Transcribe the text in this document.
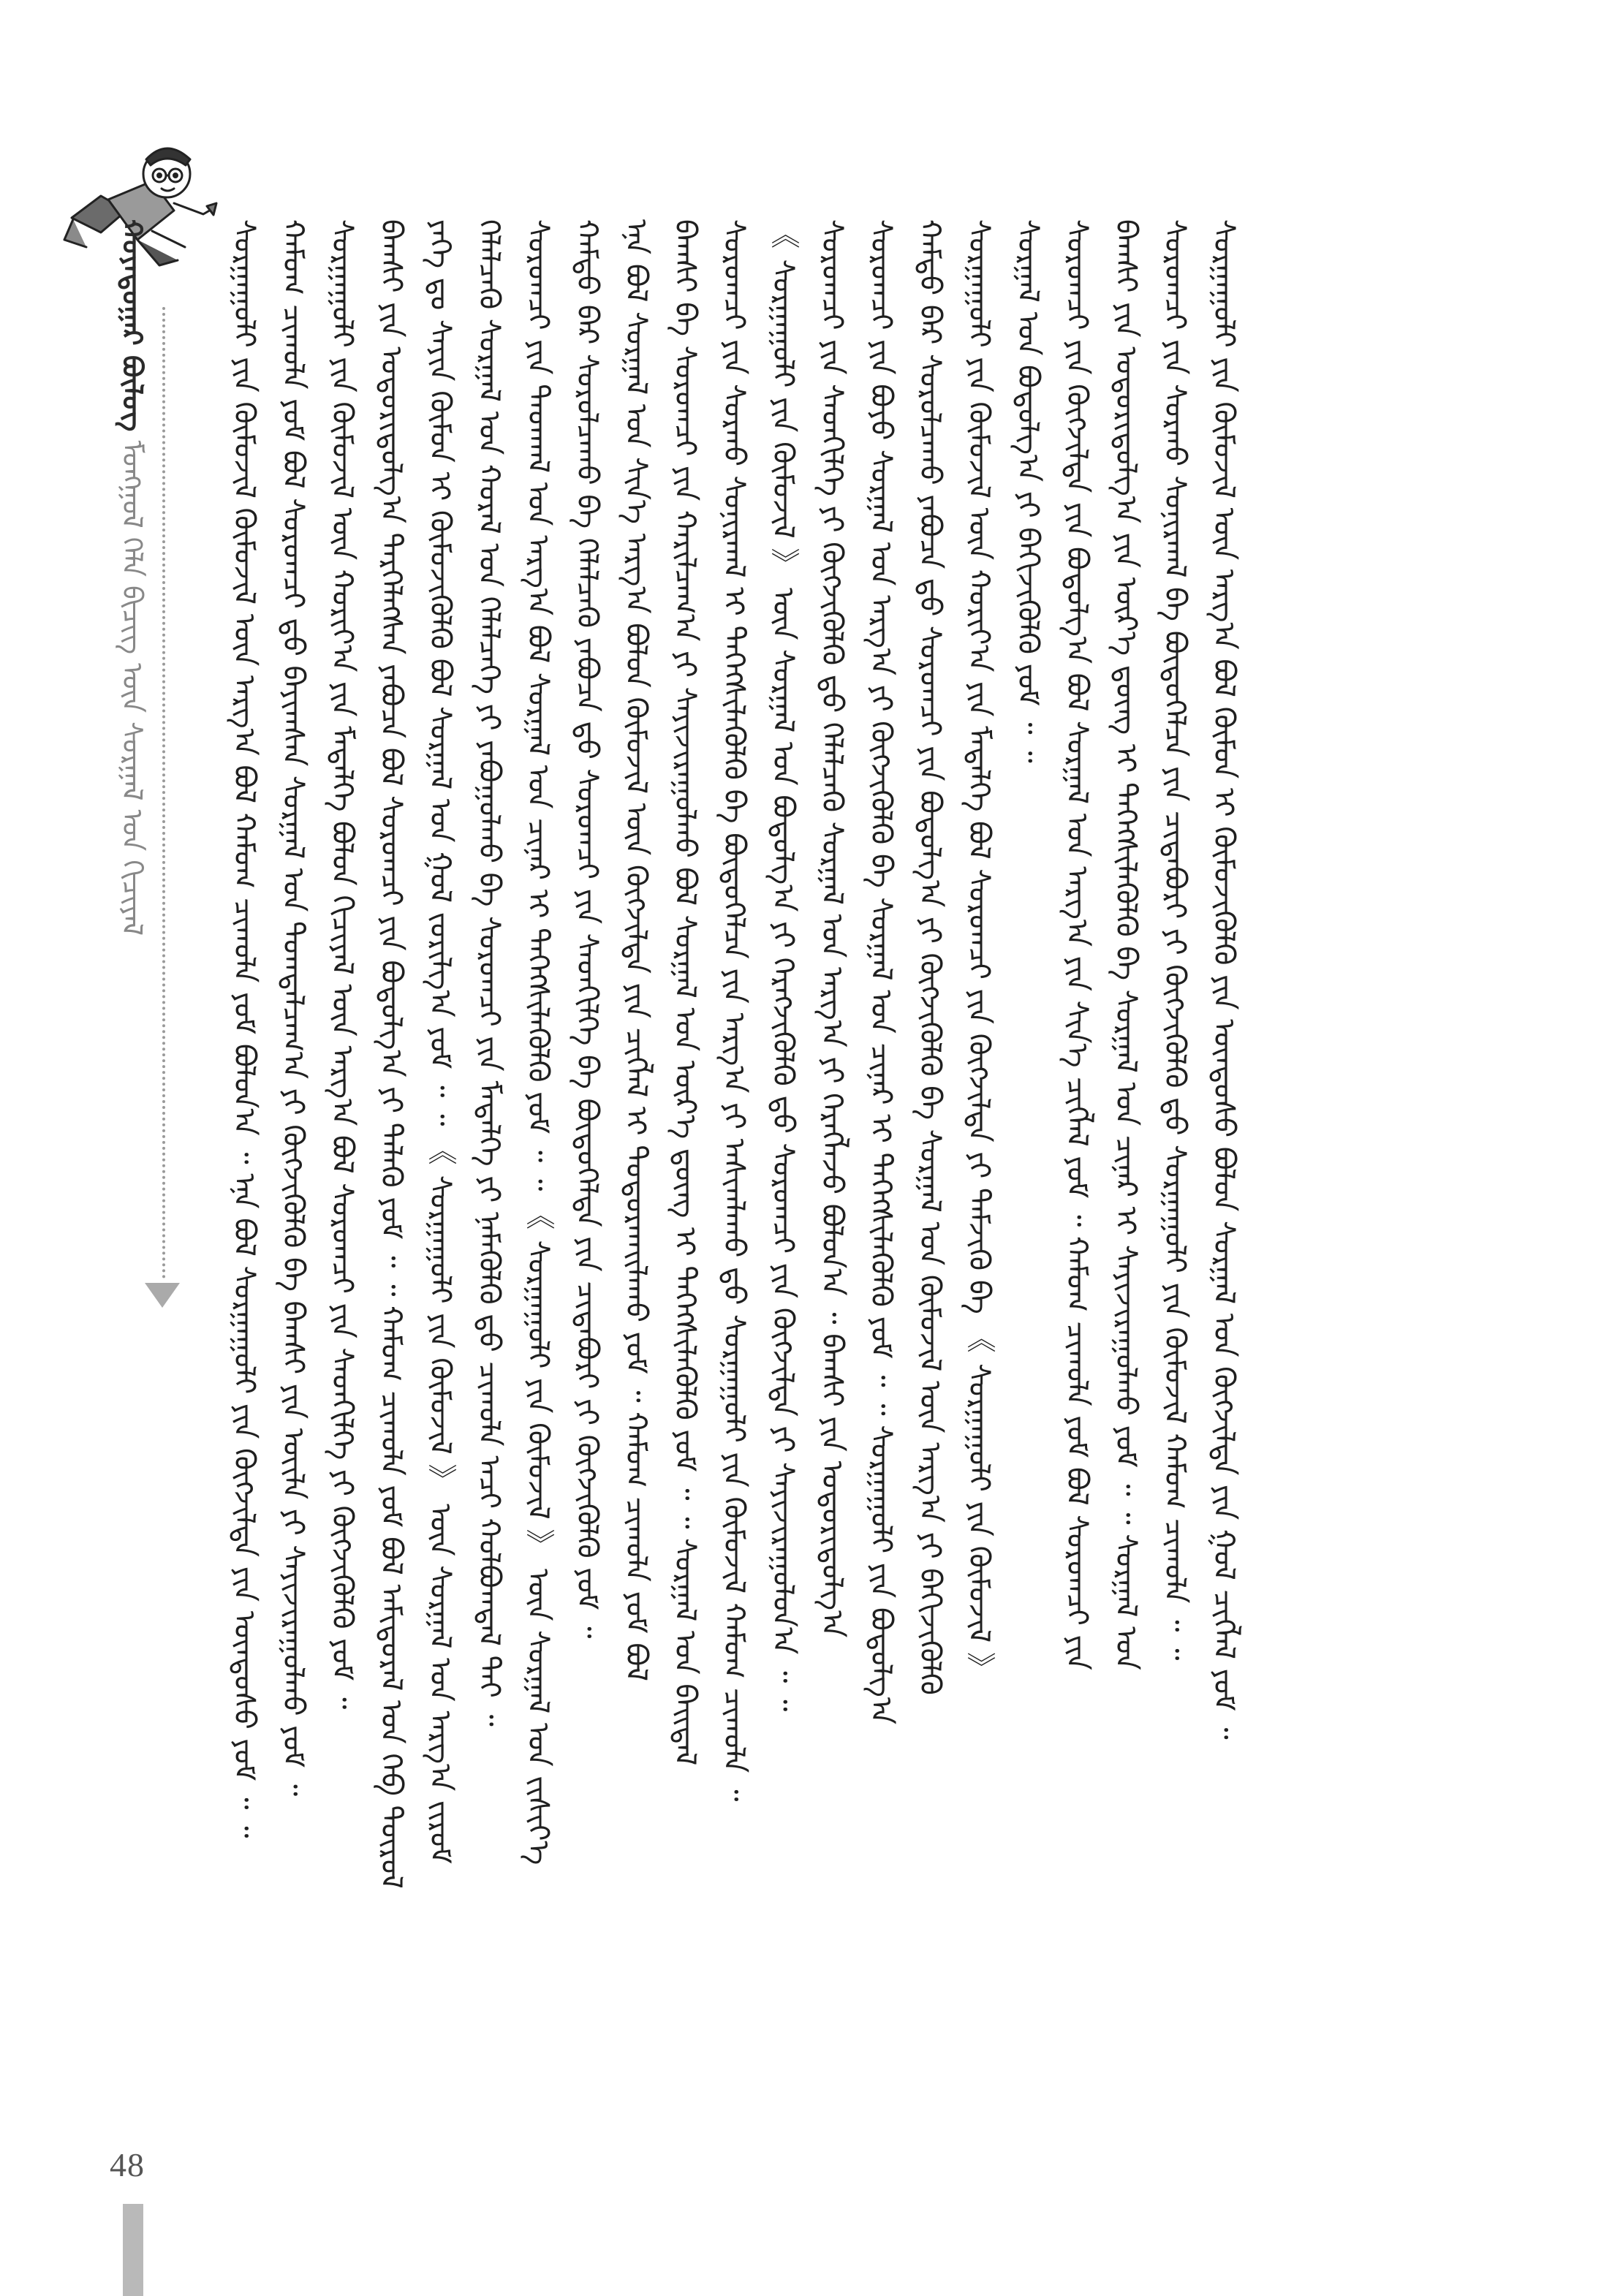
ᠬᠤᠶᠠᠳᠤᠭᠠᠷ ᠪᠦᠯᠦᠭ ᠮᠣᠩᠭᠣᠯ ᠬᠡᠯᠡ ᠪᠢᠴᠢᠭ ᠦᠨ ᠰᠤᠷᠭᠠᠯ ᠤᠨ ᠬᠢᠴᠢᠶᠡᠯ	ᠰᠤᠷᠭᠠᠭᠤᠯᠢ ᠶᠢᠨ ᠬᠦᠮᠦᠵᠢᠯ ᠬᠥᠮᠦᠵᠢᠯ ᠦᠨ ᠠᠷᠭ᠎ᠠ ᠪᠣᠯ ᠬᠠᠮᠤᠭ ᠴᠢᠬᠤᠯᠠ ᠶᠤᠮ ᠪᠣᠯᠤᠨ᠎ᠠ ᠃ ᠡᠨᠡ ᠪᠣᠯ ᠰᠤᠷᠭᠠᠭᠤᠯᠢ ᠶᠢᠨ ᠬᠥᠭᠵᠢᠯᠲᠡ ᠶᠢᠨ ᠦᠨᠳᠦᠰᠦ ᠶᠤᠮ ᠃ ᠃ ᠬᠠᠮᠤᠭ ᠴᠢᠬᠤᠯᠠ ᠶᠤᠮ ᠪᠣᠯ ᠰᠤᠷᠤᠭᠴᠢ ᠳ᠋ᠤ ᠪᠠᠶᠢᠭᠰᠠᠨ ᠰᠤᠷᠭᠠᠯ ᠤᠨ ᠲᠣᠭᠲᠠᠯᠴᠠᠭ᠎ᠠ ᠶᠢ ᠬᠥᠭᠵᠢᠭᠦᠯᠬᠦ ᠪᠠ ᠪᠠᠭᠰᠢ ᠶᠢᠨ ᠦᠢᠯᠡ ᠶᠢ ᠰᠠᠶᠢᠵᠢᠷᠠᠭᠤᠯᠬᠤ ᠶᠤᠮ ᠃ ᠰᠤᠷᠭᠠᠭᠤᠯᠢ ᠶᠢᠨ ᠬᠦᠮᠦᠵᠢᠯ ᠦᠨ ᠬᠣᠷᠢᠶ᠎ᠠ ᠶᠢᠨ ᠮᠡᠳᠡᠯᠭᠡ ᠪᠣᠯᠤᠨ ᠬᠢᠴᠢᠶᠡᠯ ᠦᠨ ᠠᠷᠭ᠎ᠠ ᠪᠣᠯ ᠰᠤᠷᠤᠭᠴᠢ ᠶᠢᠨ ᠰᠡᠳᠬᠢᠯᠭᠡ ᠶᠢ ᠬᠥᠭᠵᠢᠭᠦᠯᠬᠦ ᠶᠤᠮ ᠃ ᠪᠠᠭᠰᠢ ᠶᠢᠨ ᠤᠳᠤᠷᠢᠳᠤᠯᠭ᠎ᠠ ᠲᠡᠷᠭᠡᠯᠡᠭᠰᠡᠨ ᠶᠠᠪᠤᠴᠠ ᠪᠣᠯ ᠰᠤᠷᠤᠭᠴᠢ ᠶᠢᠨ ᠪᠣᠳᠤᠯᠭ᠎ᠠ ᠶᠢ ᠲᠡᠯᠡᠬᠦ ᠶᠤᠮ ᠃ ᠃ ᠬᠠᠮᠤᠭ ᠴᠢᠬᠤᠯᠠ ᠶᠤᠮ ᠪᠣᠯ ᠠᠮᠢᠳᠤᠷᠠᠯ ᠤᠨ ᠬᠡᠪ ᠲᠥᠷᠥᠯ ᠶᠡᠬᠡ ᠳᠤ ᠰᠠᠶᠢᠨ ᠬᠦᠮᠦᠨ ᠢ ᠬᠥᠮᠦᠵᠢᠭᠦᠯᠬᠦ ᠪᠣᠯ ᠰᠤᠷᠭᠠᠯ ᠤᠨ ᠭᠣᠯ ᠵᠣᠷᠢᠯᠭ᠎ᠠ ᠶᠤᠮ ᠃ ᠃ 《 ᠰᠤᠷᠭᠠᠭᠤᠯᠢ ᠶᠢᠨ ᠬᠦᠮᠦᠵᠢᠯ 》 ᠦᠨ ᠰᠤᠷᠭᠠᠯ ᠤᠨ ᠠᠷᠭ᠎ᠠ ᠵᠢᠷᠤᠮ ᠬᠡᠯᠡᠯᠴᠡᠬᠦ ᠰᠤᠷᠭᠠᠯ ᠤᠨ ᠬᠤᠷᠠᠯ ᠤᠨ ᠬᠡᠯᠡᠯᠴᠡᠭᠡ ᠶᠢ ᠶᠠᠪᠤᠭᠤᠯᠬᠤ ᠪᠠ ᠰᠤᠷᠤᠭᠴᠢ ᠶᠢᠨ ᠮᠡᠳᠡᠯᠭᠡ ᠶᠢ ᠨᠡᠮᠡᠭᠦᠯᠬᠦ ᠳ᠋ᠤ ᠴᠢᠬᠤᠯᠠ ᠠᠴᠢ ᠬᠣᠯᠪᠣᠭᠳᠠᠯ ᠲᠠᠢ ᠃ ᠰᠤᠷᠤᠭᠴᠢ ᠶᠢᠨ ᠳᠠᠳᠬᠠᠯ ᠤᠨ ᠠᠷᠭ᠎ᠠ ᠪᠣᠯ ᠰᠤᠷᠭᠠᠯ ᠤᠨ ᠴᠢᠨᠠᠷ ᠢ ᠳᠡᠭᠡᠭᠰᠢᠯᠡᠭᠦᠯᠬᠦ ᠶᠤᠮ ᠃ ᠃ 《 ᠰᠤᠷᠭᠠᠭᠤᠯᠢ ᠶᠢᠨ ᠬᠦᠮᠦᠵᠢᠯ 》 ᠦᠨ ᠰᠤᠷᠭᠠᠯ ᠤᠨ ᠵᠢᠱᠢᠶ᠎ᠡ ᠬᠠᠮᠲᠤ ᠪᠡᠷ ᠰᠤᠷᠤᠯᠴᠠᠬᠤ ᠪᠠ ᠬᠡᠯᠡᠯᠴᠡᠬᠦ ᠶᠠᠪᠤᠴᠠ ᠳ᠋ᠤ ᠰᠤᠷᠤᠭᠴᠢ ᠶᠢᠨ ᠰᠡᠳᠬᠢᠯᠭᠡ ᠪᠠ ᠪᠦᠲᠦᠭᠡᠯᠲᠡ ᠶᠢᠨ ᠴᠢᠳᠠᠪᠤᠷᠢ ᠶᠢ ᠬᠥᠭᠵᠢᠭᠦᠯᠬᠦ ᠶᠤᠮ ᠃ ᠡᠨᠡ ᠪᠣᠯ ᠰᠤᠷᠭᠠᠯ ᠤᠨ ᠰᠢᠨ᠎ᠡ ᠠᠷᠭ᠎ᠠ ᠪᠣᠯᠤᠨ ᠬᠦᠮᠦᠵᠢᠯ ᠦᠨ ᠬᠥᠭᠵᠢᠯᠲᠡ ᠶᠢᠨ ᠴᠢᠭᠯᠡᠯ ᠢ ᠲᠣᠳᠤᠷᠬᠠᠢᠯᠠᠬᠤ ᠶᠤᠮ ᠃ ᠬᠠᠮᠤᠭ ᠴᠢᠬᠤᠯᠠ ᠶᠤᠮ ᠪᠣᠯ ᠪᠠᠭᠰᠢ ᠪᠠ ᠰᠤᠷᠤᠭᠴᠢ ᠶᠢᠨ ᠬᠠᠷᠢᠯᠴᠠᠭ᠎ᠠ ᠶᠢ ᠰᠠᠶᠢᠵᠢᠷᠠᠭᠤᠯᠬᠤ ᠪᠣᠯ ᠰᠤᠷᠭᠠᠯ ᠤᠨ ᠦᠷ᠎ᠡ ᠳ᠋ᠦᠩ ᠢ ᠳᠡᠭᠡᠭᠰᠢᠯᠡᠭᠦᠯᠬᠦ ᠶᠤᠮ ᠃ ᠃ ᠰᠤᠷᠭᠠᠯ ᠤᠨ ᠪᠠᠢᠳᠠᠯ ᠰᠤᠷᠤᠭᠴᠢ ᠶᠢᠨ ᠰᠤᠷᠬᠤ ᠰᠣᠨᠢᠷᠬᠠᠯ ᠢ ᠳᠡᠭᠡᠭᠰᠢᠯᠡᠭᠦᠯᠬᠦ ᠪᠠ ᠪᠦᠲᠦᠭᠡᠯᠴᠡ ᠶᠢᠨ ᠠᠷᠭ᠎ᠠ ᠶᠢ ᠠᠰᠢᠭᠯᠠᠬᠤ ᠳ᠋ᠤ ᠰᠤᠷᠭᠠᠭᠤᠯᠢ ᠶᠢᠨ ᠬᠦᠮᠦᠵᠢᠯ ᠬᠠᠮᠤᠭ ᠴᠢᠬᠤᠯᠠ ᠃ 《 ᠰᠤᠷᠭᠠᠭᠤᠯᠢ ᠶᠢᠨ ᠬᠦᠮᠦᠵᠢᠯ 》 ᠦᠨ ᠰᠤᠷᠭᠠᠯ ᠤᠨ ᠪᠣᠳᠤᠯᠭ᠎ᠠ ᠶᠢ ᠬᠡᠷᠡᠭᠵᠢᠭᠦᠯᠬᠦ ᠳ᠋ᠤ ᠰᠤᠷᠤᠭᠴᠢ ᠶᠢᠨ ᠬᠥᠭᠵᠢᠯᠲᠡ ᠶᠢ ᠰᠠᠶᠢᠵᠢᠷᠠᠭᠤᠯᠤᠨ᠎ᠠ ᠃ ᠃ ᠰᠤᠷᠤᠭᠴᠢ ᠶᠢᠨ ᠰᠡᠳᠬᠢᠯᠭᠡ ᠶᠢ ᠬᠥᠭᠵᠢᠭᠦᠯᠬᠦ ᠳ᠋ᠤ ᠬᠡᠯᠡᠯᠴᠡᠬᠦ ᠰᠤᠷᠭᠠᠯ ᠤᠨ ᠠᠷᠭ᠎ᠠ ᠶᠢ ᠬᠡᠷᠡᠭᠯᠡᠵᠦ ᠪᠣᠯᠤᠨ᠎ᠠ ᠃ ᠪᠠᠭᠰᠢ ᠶᠢᠨ ᠤᠳᠤᠷᠢᠳᠤᠯᠭ᠎ᠠ ᠰᠤᠷᠤᠭᠴᠢ ᠶᠢᠨ ᠪᠤᠶᠤ ᠰᠤᠷᠭᠠᠯ ᠤᠨ ᠠᠷᠭ᠎ᠠ ᠶᠢ ᠬᠥᠭᠵᠢᠭᠦᠯᠬᠦ ᠪᠠ ᠰᠤᠷᠭᠠᠯ ᠤᠨ ᠴᠢᠨᠠᠷ ᠢ ᠳᠡᠭᠡᠭᠰᠢᠯᠡᠭᠦᠯᠬᠦ ᠶᠤᠮ ᠃ ᠃ ᠰᠤᠷᠭᠠᠭᠤᠯᠢ ᠶᠢᠨ ᠪᠣᠳᠤᠯᠭ᠎ᠠ ᠬᠠᠮᠲᠤ ᠪᠡᠷ ᠰᠤᠷᠤᠯᠴᠠᠬᠤ ᠶᠠᠪᠤᠴᠠ ᠳ᠋ᠤ ᠰᠤᠷᠤᠭᠴᠢ ᠶᠢᠨ ᠪᠣᠳᠤᠯᠭ᠎ᠠ ᠶᠢ ᠬᠥᠭᠵᠢᠭᠦᠯᠬᠦ ᠪᠠ ᠰᠤᠷᠭᠠᠯ ᠤᠨ ᠬᠦᠮᠦᠵᠢᠯ ᠦᠨ ᠠᠷᠭ᠎ᠠ ᠶᠢ ᠪᠡᠬᠢᠵᠢᠭᠦᠯᠬᠦ ᠰᠤᠷᠭᠠᠭᠤᠯᠢ ᠶᠢᠨ ᠬᠦᠮᠦᠵᠢᠯ ᠦᠨ ᠬᠣᠷᠢᠶ᠎ᠠ ᠶᠢᠨ ᠮᠡᠳᠡᠯᠭᠡ ᠪᠣᠯ ᠰᠤᠷᠤᠭᠴᠢ ᠶᠢᠨ ᠬᠥᠭᠵᠢᠯᠲᠡ ᠶᠢ ᠳᠡᠮᠵᠢᠬᠦ ᠪᠠ 《 ᠰᠤᠷᠭᠠᠭᠤᠯᠢ ᠶᠢᠨ ᠬᠦᠮᠦᠵᠢᠯ 》 ᠰᠤᠷᠭᠠᠯ ᠤᠨ ᠪᠣᠳᠤᠯᠭ᠎ᠠ ᠶᠢ ᠪᠡᠬᠢᠵᠢᠭᠦᠯᠬᠦ ᠶᠤᠮ ᠃ ᠃ ᠰᠤᠷᠤᠭᠴᠢ ᠶᠢᠨ ᠬᠥᠭᠵᠢᠯᠲᠡ ᠶᠢᠨ ᠪᠣᠳᠤᠯᠭ᠎ᠠ ᠪᠣᠯ ᠰᠤᠷᠭᠠᠯ ᠤᠨ ᠠᠷᠭ᠎ᠠ ᠶᠢᠨ ᠰᠢᠨ᠎ᠡ ᠴᠢᠭᠯᠡᠯ ᠶᠤᠮ ᠃ ᠬᠠᠮᠤᠭ ᠴᠢᠬᠤᠯᠠ ᠶᠤᠮ ᠪᠣᠯ ᠰᠤᠷᠤᠭᠴᠢ ᠶᠢᠨ ᠪᠠᠭᠰᠢ ᠶᠢᠨ ᠤᠳᠤᠷᠢᠳᠤᠯᠭ᠎ᠠ ᠶᠢᠨ ᠦᠷ᠎ᠡ ᠳ᠋ᠦᠩ ᠢ ᠳᠡᠭᠡᠭᠰᠢᠯᠡᠭᠦᠯᠬᠦ ᠪᠠ ᠰᠤᠷᠭᠠᠯ ᠤᠨ ᠴᠢᠨᠠᠷ ᠢ ᠰᠠᠶᠢᠵᠢᠷᠠᠭᠤᠯᠬᠤ ᠶᠤᠮ ᠃ ᠃ ᠰᠤᠷᠭᠠᠯ ᠤᠨ ᠰᠤᠷᠤᠭᠴᠢ ᠶᠢᠨ ᠰᠤᠷᠬᠤ ᠰᠣᠨᠢᠷᠬᠠᠯ ᠪᠠ ᠪᠦᠲᠦᠭᠡᠯᠴᠡ ᠶᠢᠨ ᠴᠢᠳᠠᠪᠤᠷᠢ ᠶᠢ ᠬᠥᠭᠵᠢᠭᠦᠯᠬᠦ ᠳ᠋ᠤ ᠰᠤᠷᠭᠠᠭᠤᠯᠢ ᠶᠢᠨ ᠬᠦᠮᠦᠵᠢᠯ ᠬᠠᠮᠤᠭ ᠴᠢᠬᠤᠯᠠ ᠃ ᠃ ᠰᠤᠷᠭᠠᠭᠤᠯᠢ ᠶᠢᠨ ᠬᠦᠮᠦᠵᠢᠯ ᠦᠨ ᠠᠷᠭ᠎ᠠ ᠪᠣᠯ ᠬᠦᠮᠦᠨ ᠢ ᠬᠥᠮᠦᠵᠢᠭᠦᠯᠬᠦ ᠶᠢᠨ ᠦᠨᠳᠦᠰᠦ ᠪᠣᠯᠤᠨ ᠰᠤᠷᠭᠠᠯ ᠤᠨ ᠬᠥᠭᠵᠢᠯᠲᠡ ᠶᠢᠨ ᠭᠣᠯ ᠴᠢᠭᠯᠡᠯ ᠶᠤᠮ ᠃
48
